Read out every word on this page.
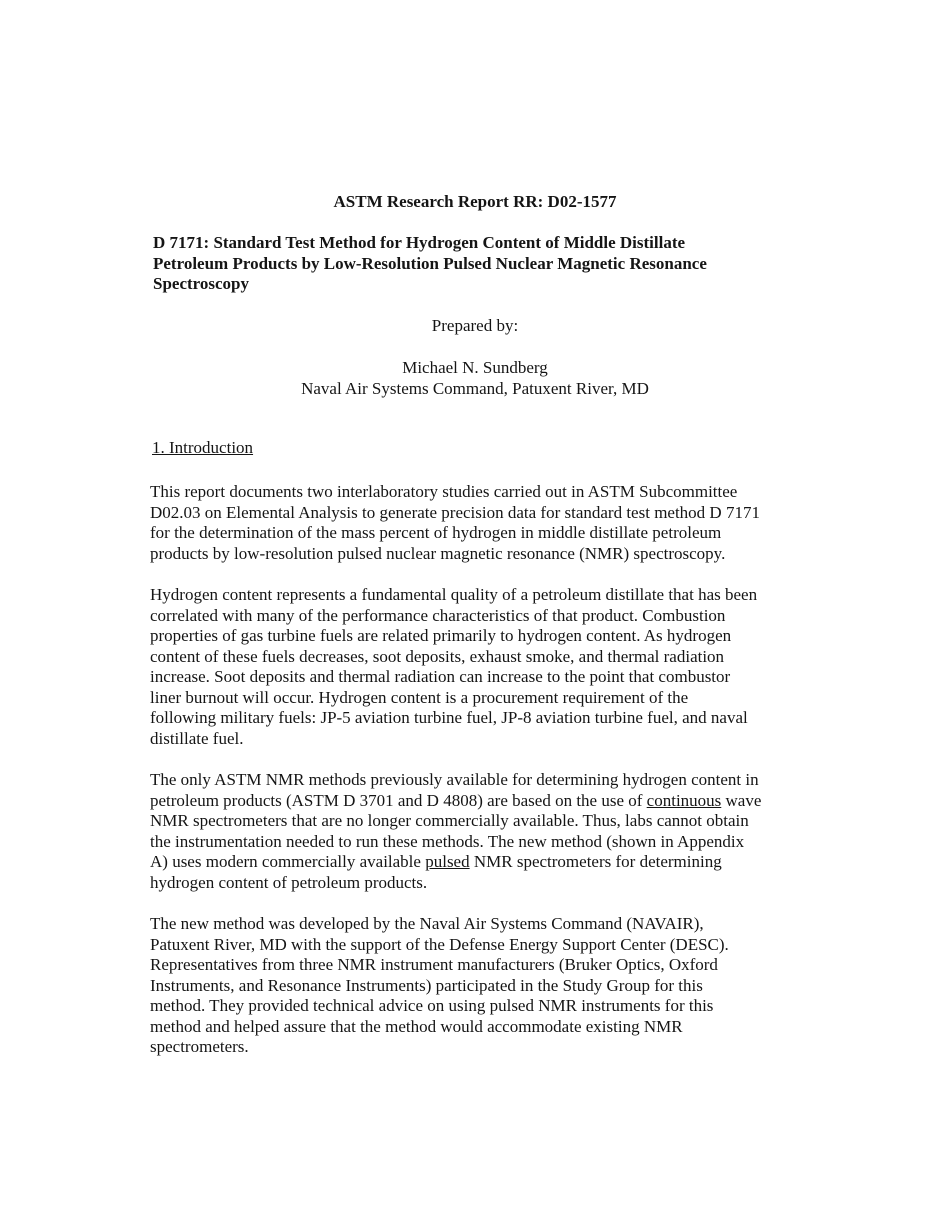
ASTM Research Report RR: D02-1577
D 7171: Standard Test Method for Hydrogen Content of Middle Distillate
Petroleum Products by Low-Resolution Pulsed Nuclear Magnetic Resonance
Spectroscopy
Prepared by:
Michael N. Sundberg
Naval Air Systems Command, Patuxent River, MD
1. Introduction
This report documents two interlaboratory studies carried out in ASTM Subcommittee
D02.03 on Elemental Analysis to generate precision data for standard test method D 7171
for the determination of the mass percent of hydrogen in middle distillate petroleum
products by low-resolution pulsed nuclear magnetic resonance (NMR) spectroscopy.
Hydrogen content represents a fundamental quality of a petroleum distillate that has been
correlated with many of the performance characteristics of that product. Combustion
properties of gas turbine fuels are related primarily to hydrogen content. As hydrogen
content of these fuels decreases, soot deposits, exhaust smoke, and thermal radiation
increase. Soot deposits and thermal radiation can increase to the point that combustor
liner burnout will occur. Hydrogen content is a procurement requirement of the
following military fuels: JP-5 aviation turbine fuel, JP-8 aviation turbine fuel, and naval
distillate fuel.
The only ASTM NMR methods previously available for determining hydrogen content in
petroleum products (ASTM D 3701 and D 4808) are based on the use of continuous wave
NMR spectrometers that are no longer commercially available. Thus, labs cannot obtain
the instrumentation needed to run these methods. The new method (shown in Appendix
A) uses modern commercially available pulsed NMR spectrometers for determining
hydrogen content of petroleum products.
The new method was developed by the Naval Air Systems Command (NAVAIR),
Patuxent River, MD with the support of the Defense Energy Support Center (DESC).
Representatives from three NMR instrument manufacturers (Bruker Optics, Oxford
Instruments, and Resonance Instruments) participated in the Study Group for this
method. They provided technical advice on using pulsed NMR instruments for this
method and helped assure that the method would accommodate existing NMR
spectrometers.
